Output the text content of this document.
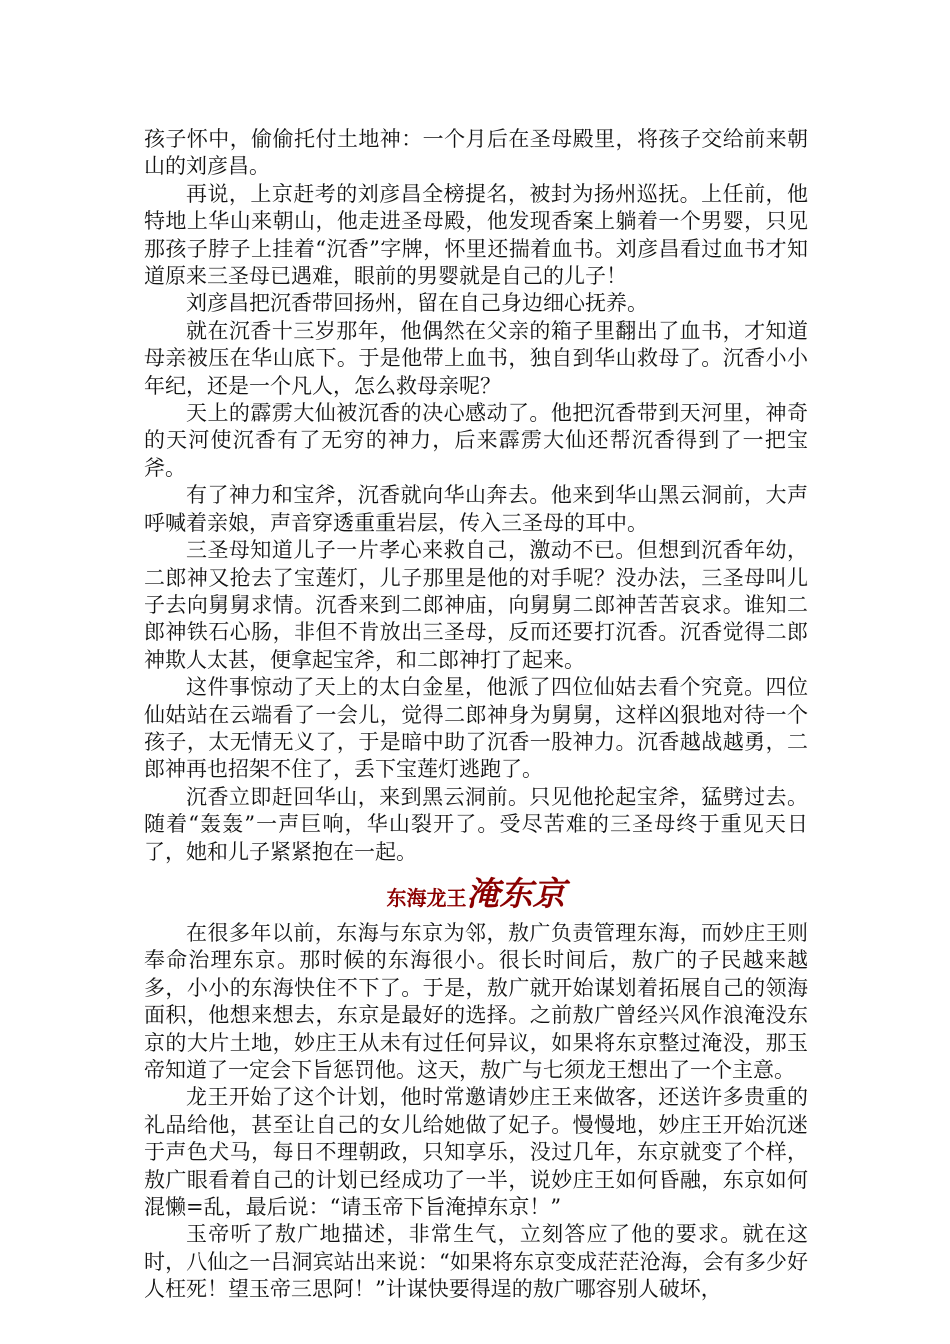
孩子怀中，偷偷托付土地神：一个月后在圣母殿里，将孩子交给前来朝山的刘彦昌。

再说，上京赶考的刘彦昌全榜提名，被封为扬州巡抚。上任前，他特地上华山来朝山，他走进圣母殿，他发现香案上躺着一个男婴，只见那孩子脖子上挂着“沉香”字牌，怀里还揣着血书。刘彦昌看过血书才知道原来三圣母已遇难，眼前的男婴就是自己的儿子！

刘彦昌把沉香带回扬州，留在自己身边细心抚养。

就在沉香十三岁那年，他偶然在父亲的箱子里翻出了血书，才知道母亲被压在华山底下。于是他带上血书，独自到华山救母了。沉香小小年纪，还是一个凡人，怎么救母亲呢？

天上的霹雳大仙被沉香的决心感动了。他把沉香带到天河里，神奇的天河使沉香有了无穷的神力，后来霹雳大仙还帮沉香得到了一把宝斧。

有了神力和宝斧，沉香就向华山奔去。他来到华山黑云洞前，大声呼喊着亲娘，声音穿透重重岩层，传入三圣母的耳中。

三圣母知道儿子一片孝心来救自己，激动不已。但想到沉香年幼，二郎神又抢去了宝莲灯，儿子那里是他的对手呢？没办法，三圣母叫儿子去向舅舅求情。沉香来到二郎神庙，向舅舅二郎神苦苦哀求。谁知二郎神铁石心肠，非但不肯放出三圣母，反而还要打沉香。沉香觉得二郎神欺人太甚，便拿起宝斧，和二郎神打了起来。

这件事惊动了天上的太白金星，他派了四位仙姑去看个究竟。四位仙姑站在云端看了一会儿，觉得二郎神身为舅舅，这样凶狠地对待一个孩子，太无情无义了，于是暗中助了沉香一股神力。沉香越战越勇，二郎神再也招架不住了，丢下宝莲灯逃跑了。

沉香立即赶回华山，来到黑云洞前。只见他抡起宝斧，猛劈过去。随着“轰轰”一声巨响，华山裂开了。受尽苦难的三圣母终于重见天日了，她和儿子紧紧抱在一起。

东海龙王淹东京

在很多年以前，东海与东京为邻，敖广负责管理东海，而妙庄王则奉命治理东京。那时候的东海很小。很长时间后，敖广的子民越来越多，小小的东海快住不下了。于是，敖广就开始谋划着拓展自己的领海面积，他想来想去，东京是最好的选择。之前敖广曾经兴风作浪淹没东京的大片土地，妙庄王从未有过任何异议，如果将东京整过淹没，那玉帝知道了一定会下旨惩罚他。这天，敖广与七须龙王想出了一个主意。

龙王开始了这个计划，他时常邀请妙庄王来做客，还送许多贵重的礼品给他，甚至让自己的女儿给她做了妃子。慢慢地，妙庄王开始沉迷于声色犬马，每日不理朝政，只知享乐，没过几年，东京就变了个样，敖广眼看着自己的计划已经成功了一半，说妙庄王如何昏融，东京如何混懒=乱，最后说：“请玉帝下旨淹掉东京！”

玉帝听了敖广地描述，非常生气，立刻答应了他的要求。就在这时，八仙之一吕洞宾站出来说：“如果将东京变成茫茫沧海，会有多少好人枉死！望玉帝三思阿！”计谋快要得逞的敖广哪容别人破坏，
